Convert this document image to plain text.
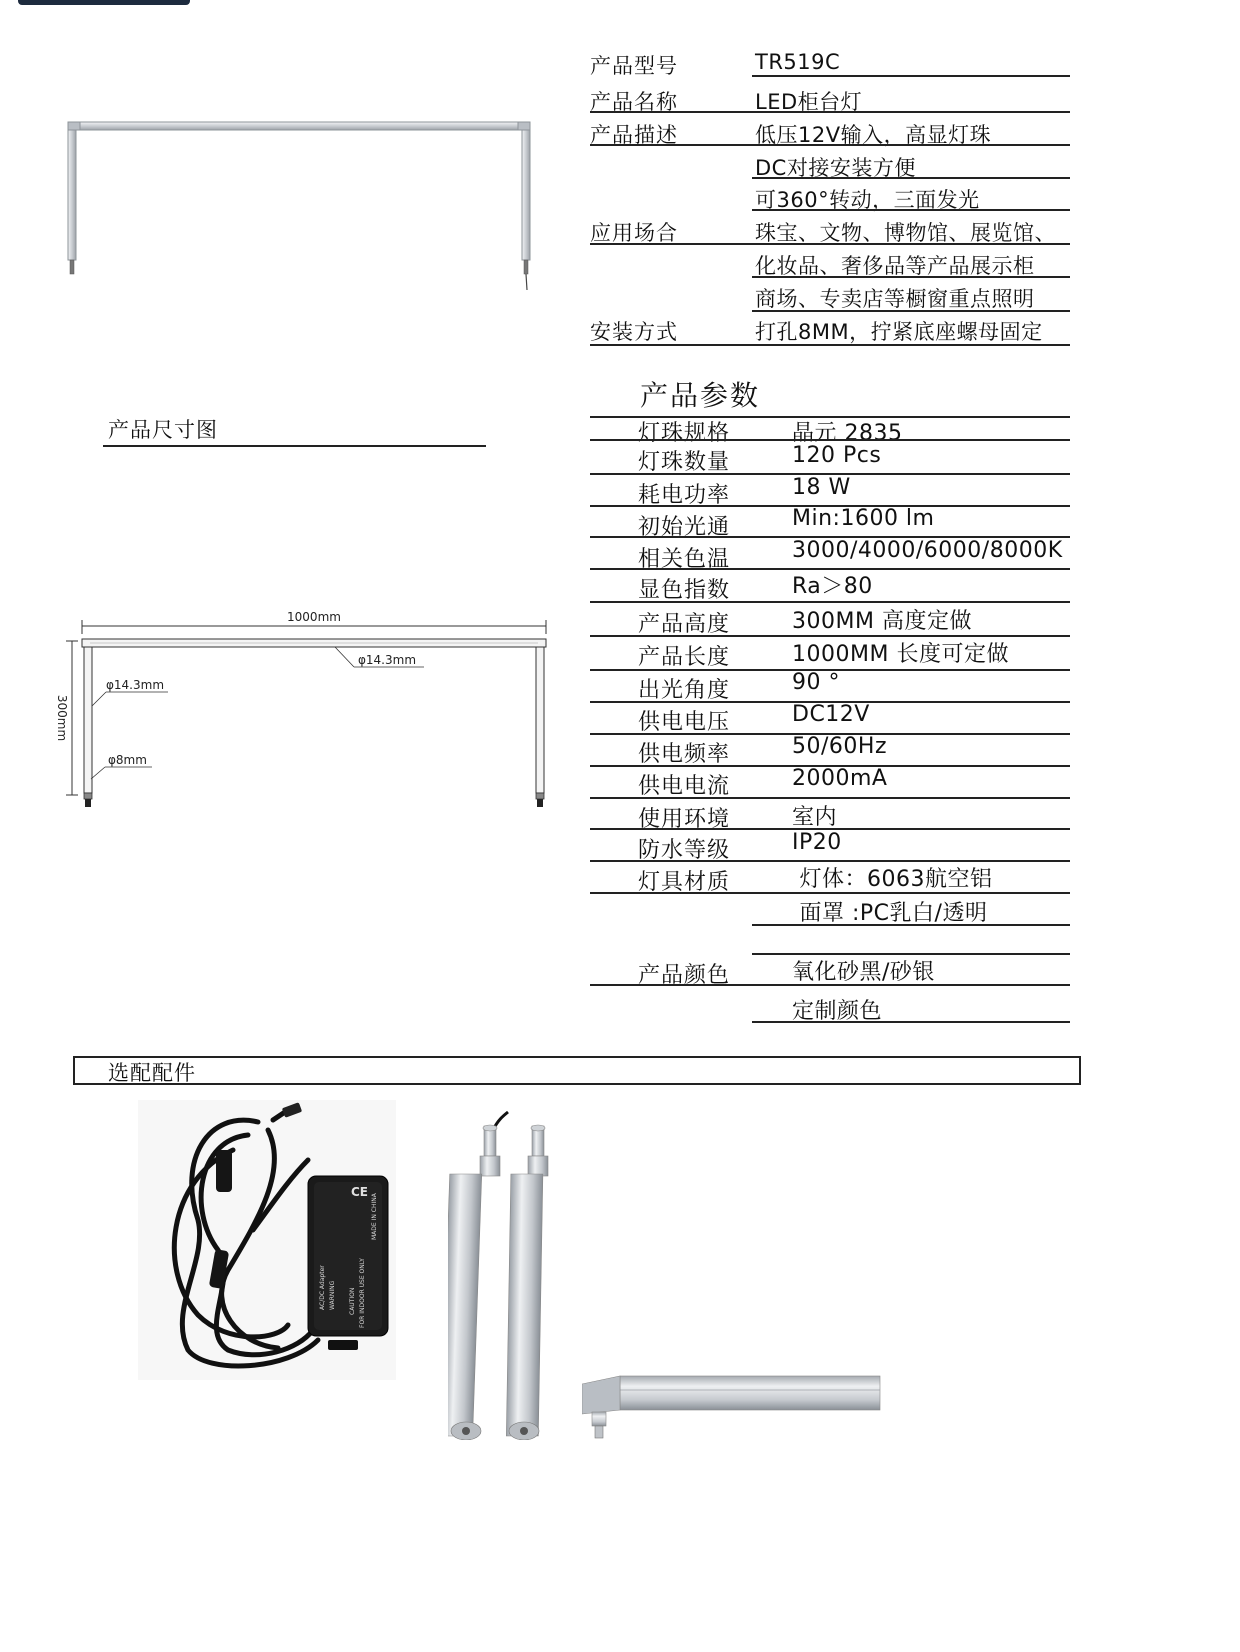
产品型号	TR519C
产品名称	LED柜台灯
产品描述	低压12V输入，高显灯珠
DC对接安装方便
可360°转动，三面发光
应用场合	珠宝、文物、博物馆、展览馆、
化妆品、奢侈品等产品展示柜
商场、专卖店等橱窗重点照明
安装方式	打孔8MM，拧紧底座螺母固定
产品尺寸图
1000mm
300mm
φ14.3mm
φ14.3mm
φ8mm
产品参数
灯珠规格	晶元 2835
灯珠数量	120 Pcs
耗电功率	18 W
初始光通	Min:1600 lm
相关色温	3000/4000/6000/8000K
显色指数	Ra＞80
产品高度	300MM 高度定做
产品长度	1000MM 长度可定做
出光角度	90 °
供电电压	DC12V
供电频率	50/60Hz
供电电流	2000mA
使用环境	室内
防水等级	IP20
灯具材质	灯体：6063航空铝
面罩 :PC乳白/透明
产品颜色	氧化砂黑/砂银
定制颜色
选配配件
AC/DC Adapter WARNING CAUTION FOR INDOOR USE ONLY
MADE IN CHINA
CE
